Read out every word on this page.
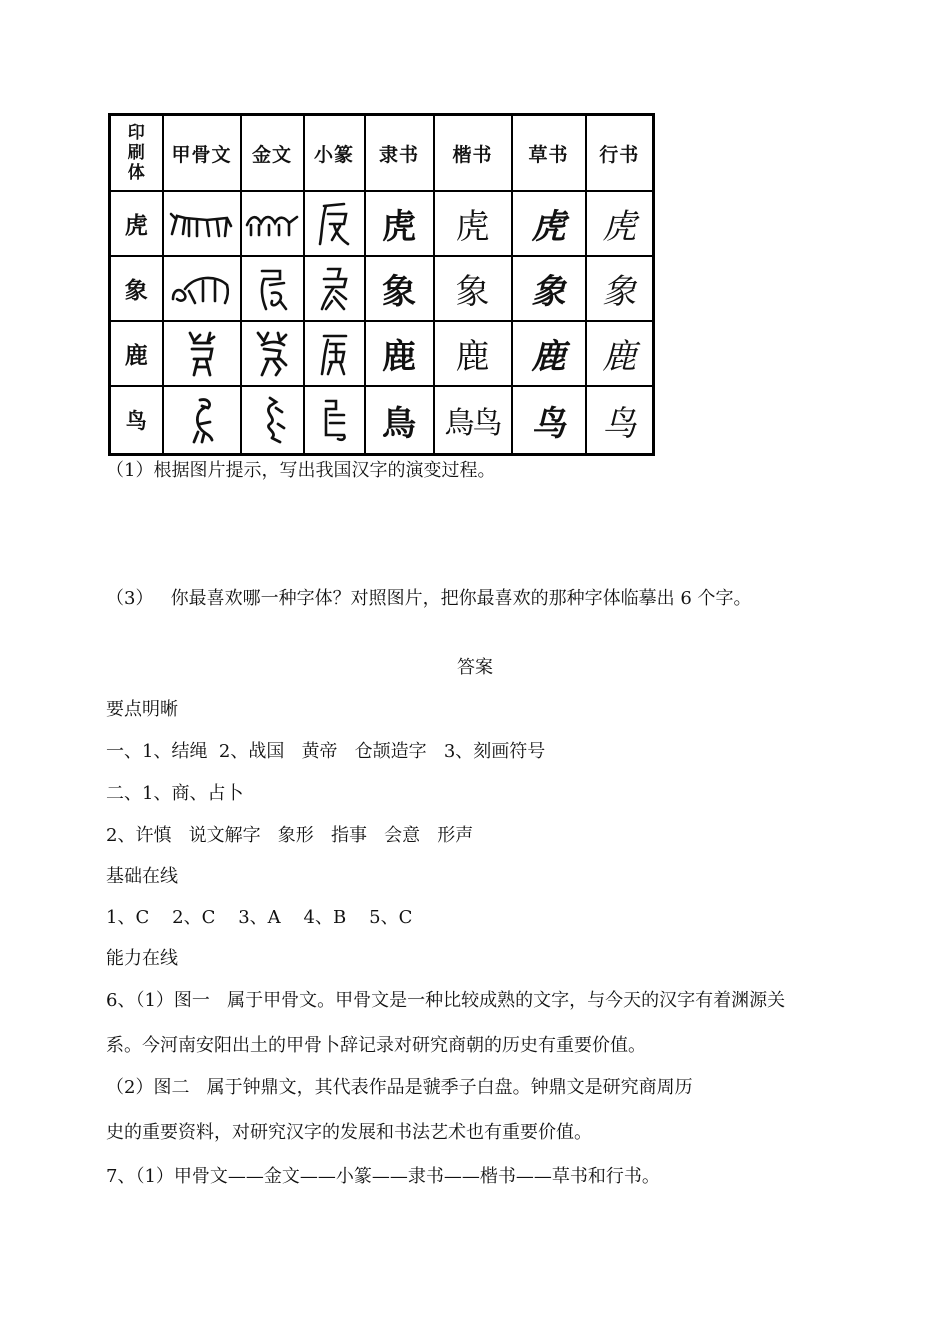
印
刷
体	甲骨文	金文	小篆	隶书	楷书	草书	行书
虎				虎	虎	虎	虎
象				象	象	象	象
鹿				鹿	鹿	鹿	鹿
鸟				鳥	鳥鸟	鸟	鸟
（1）根据图片提示，写出我国汉字的演变过程。
（3）   你最喜欢哪一种字体？对照图片，把你最喜欢的那种字体临摹出 6 个字。
答案
要点明晰
一、1、结绳  2、战国   黄帝   仓颉造字   3、刻画符号
二、1、商、占卜
2、许慎   说文解字   象形   指事   会意   形声
基础在线
1、C    2、C    3、A    4、B    5、C
能力在线
6、（1）图一   属于甲骨文。甲骨文是一种比较成熟的文字，与今天的汉字有着渊源关
系。今河南安阳出土的甲骨卜辞记录对研究商朝的历史有重要价值。
（2）图二   属于钟鼎文，其代表作品是虢季子白盘。钟鼎文是研究商周历
史的重要资料，对研究汉字的发展和书法艺术也有重要价值。
7、（1）甲骨文——金文——小篆——隶书——楷书——草书和行书。
